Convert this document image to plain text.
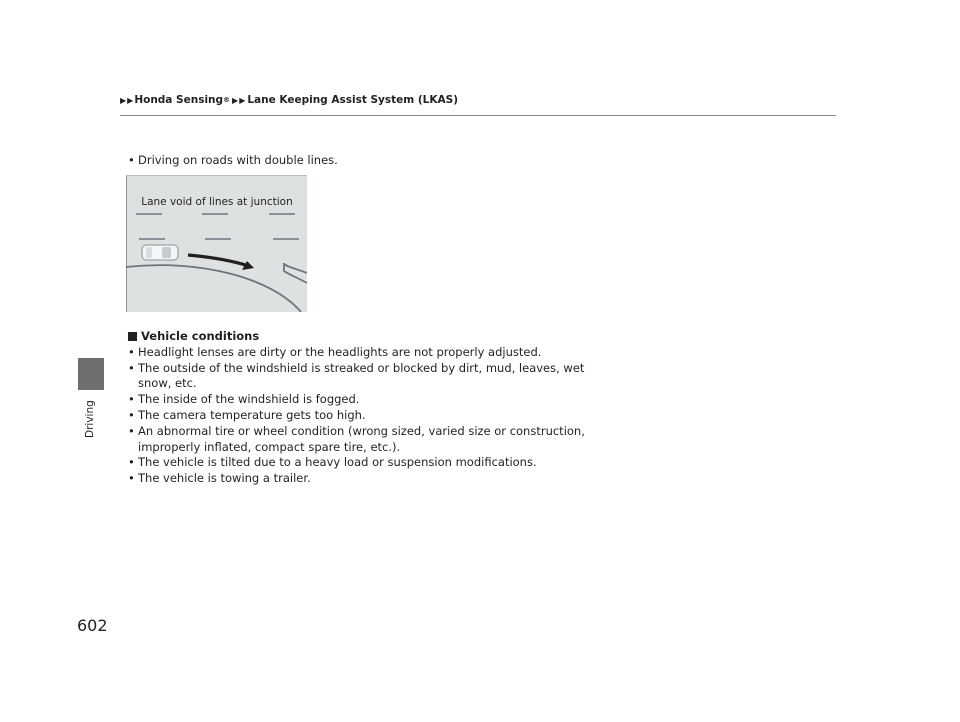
▶ ▶ Honda Sensing ® ▶ ▶ Lane Keeping Assist System (LKAS)
Driving
• Driving on roads with double lines.
Lane void of lines at junction
Vehicle conditions
• Headlight lenses are dirty or the headlights are not properly adjusted.
• The outside of the windshield is streaked or blocked by dirt, mud, leaves, wet
snow, etc.
• The inside of the windshield is fogged.
• The camera temperature gets too high.
• An abnormal tire or wheel condition (wrong sized, varied size or construction,
improperly inflated, compact spare tire, etc.).
• The vehicle is tilted due to a heavy load or suspension modifications.
• The vehicle is towing a trailer.
602
